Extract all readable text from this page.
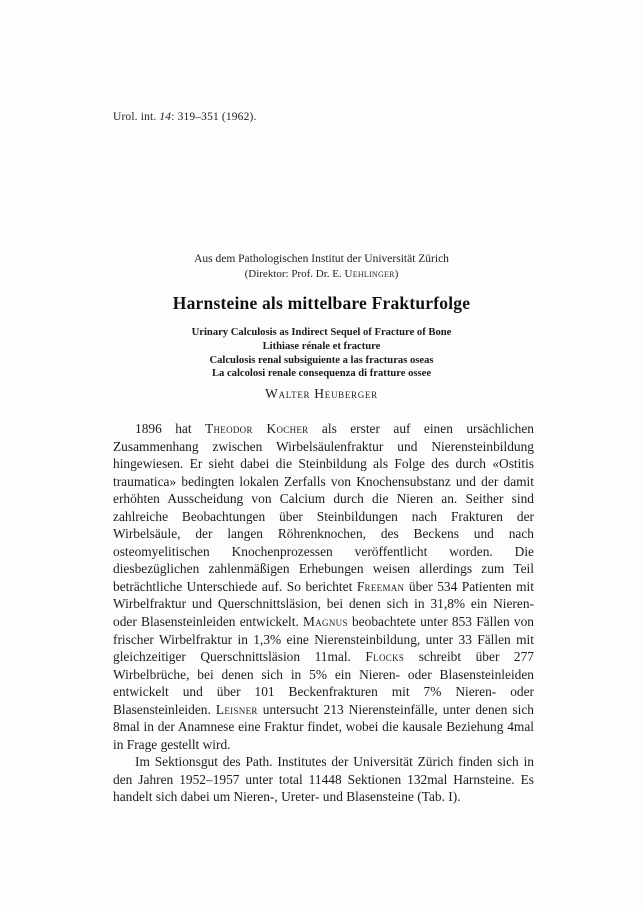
Urol. int. 14: 319–351 (1962).
Aus dem Pathologischen Institut der Universität Zürich
(Direktor: Prof. Dr. E. Uehlinger)
Harnsteine als mittelbare Frakturfolge
Urinary Calculosis as Indirect Sequel of Fracture of Bone
Lithiase rénale et fracture
Calculosis renal subsiguiente a las fracturas oseas
La calcolosi renale consequenza di fratture ossee
Walter Heuberger

1896 hat Theodor Kocher als erster auf einen ursächlichen Zusammenhang zwischen Wirbelsäulenfraktur und Nierensteinbildung hingewiesen. Er sieht dabei die Steinbildung als Folge des durch «Ostitis traumatica» bedingten lokalen Zerfalls von Knochensubstanz und der damit erhöhten Ausscheidung von Calcium durch die Nieren an. Seither sind zahlreiche Beobachtungen über Steinbildungen nach Frakturen der Wirbelsäule, der langen Röhrenknochen, des Beckens und nach osteomyelitischen Knochenprozessen veröffentlicht worden. Die diesbezüglichen zahlenmäßigen Erhebungen weisen allerdings zum Teil beträchtliche Unterschiede auf. So berichtet Freeman über 534 Patienten mit Wirbelfraktur und Querschnittsläsion, bei denen sich in 31,8% ein Nieren- oder Blasensteinleiden entwickelt. Magnus beobachtete unter 853 Fällen von frischer Wirbelfraktur in 1,3% eine Nierensteinbildung, unter 33 Fällen mit gleichzeitiger Querschnittsläsion 11mal. Flocks schreibt über 277 Wirbelbrüche, bei denen sich in 5% ein Nieren- oder Blasensteinleiden entwickelt und über 101 Beckenfrakturen mit 7% Nieren- oder Blasensteinleiden. Leisner untersucht 213 Nierensteinfälle, unter denen sich 8mal in der Anamnese eine Fraktur findet, wobei die kausale Beziehung 4mal in Frage gestellt wird.

Im Sektionsgut des Path. Institutes der Universität Zürich finden sich in den Jahren 1952–1957 unter total 11448 Sektionen 132mal Harnsteine. Es handelt sich dabei um Nieren-, Ureter- und Blasensteine (Tab. I).
